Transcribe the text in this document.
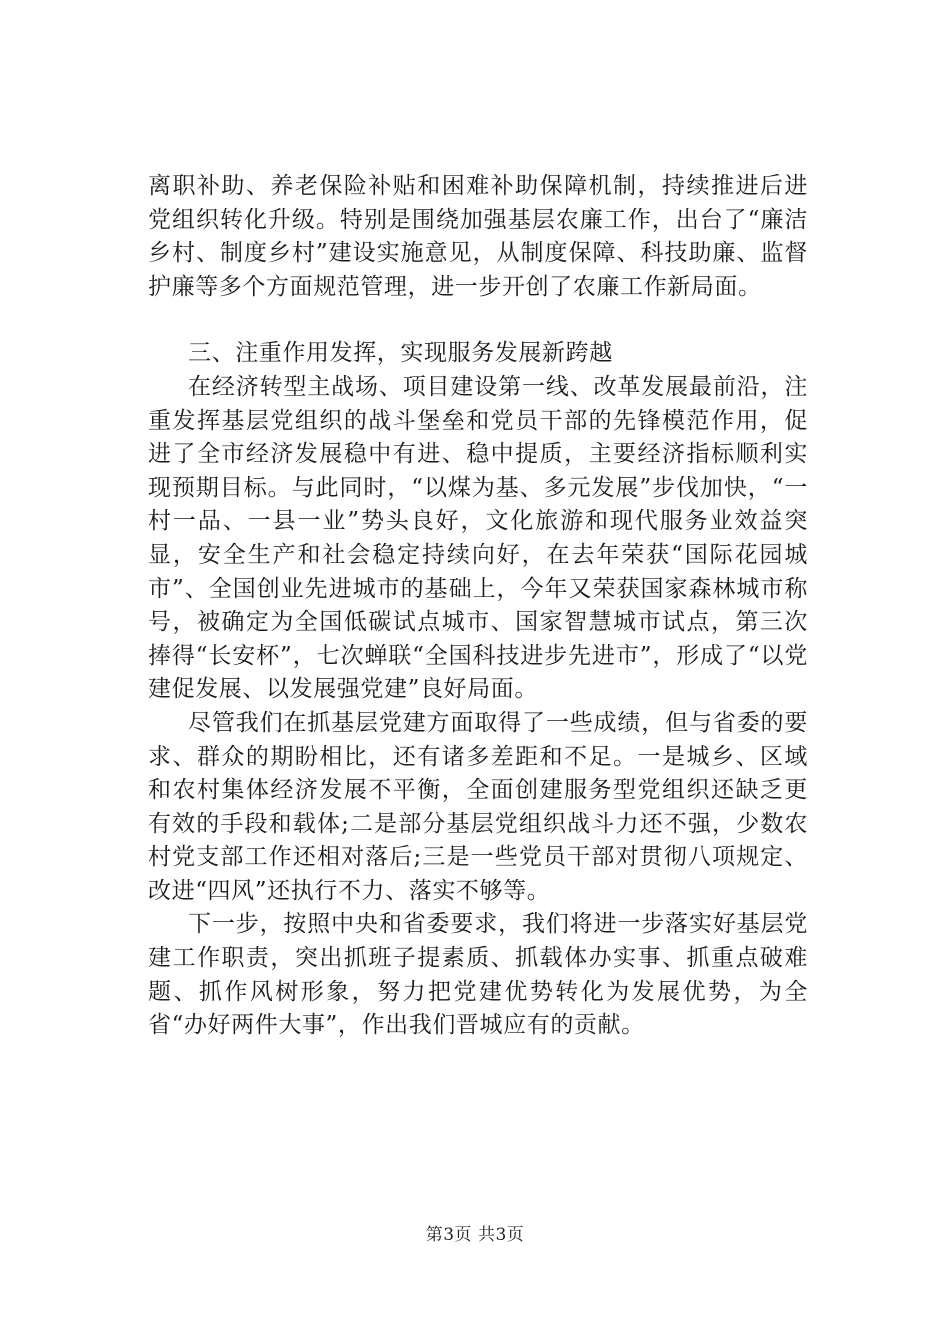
离职补助、养老保险补贴和困难补助保障机制，持续推进后进党组织转化升级。特别是围绕加强基层农廉工作，出台了“廉洁乡村、制度乡村”建设实施意见，从制度保障、科技助廉、监督护廉等多个方面规范管理，进一步开创了农廉工作新局面。

三、注重作用发挥，实现服务发展新跨越

在经济转型主战场、项目建设第一线、改革发展最前沿，注重发挥基层党组织的战斗堡垒和党员干部的先锋模范作用，促进了全市经济发展稳中有进、稳中提质，主要经济指标顺利实现预期目标。与此同时，“以煤为基、多元发展”步伐加快，“一村一品、一县一业”势头良好，文化旅游和现代服务业效益突显，安全生产和社会稳定持续向好，在去年荣获“国际花园城市”、全国创业先进城市的基础上，今年又荣获国家森林城市称号，被确定为全国低碳试点城市、国家智慧城市试点，第三次捧得“长安杯”，七次蝉联“全国科技进步先进市”，形成了“以党建促发展、以发展强党建”良好局面。

尽管我们在抓基层党建方面取得了一些成绩，但与省委的要求、群众的期盼相比，还有诸多差距和不足。一是城乡、区域和农村集体经济发展不平衡，全面创建服务型党组织还缺乏更有效的手段和载体;二是部分基层党组织战斗力还不强，少数农村党支部工作还相对落后;三是一些党员干部对贯彻八项规定、改进“四风”还执行不力、落实不够等。

下一步，按照中央和省委要求，我们将进一步落实好基层党建工作职责，突出抓班子提素质、抓载体办实事、抓重点破难题、抓作风树形象，努力把党建优势转化为发展优势，为全省“办好两件大事”，作出我们晋城应有的贡献。

第3页 共3页
